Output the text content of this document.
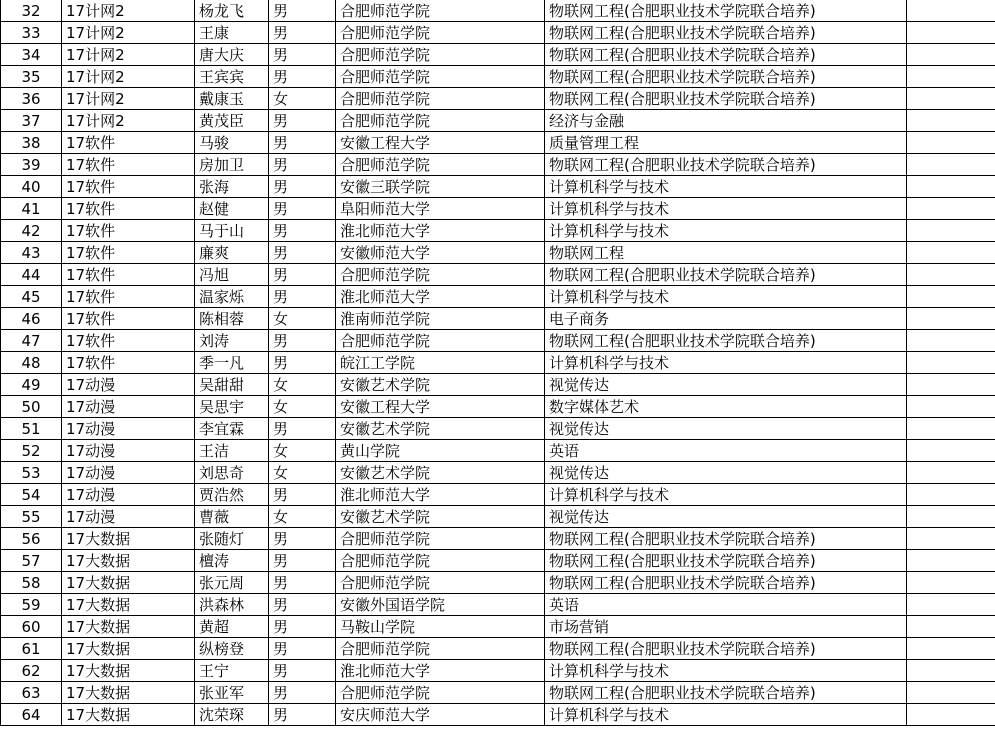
32	17计网2	杨龙飞	男	合肥师范学院	物联网工程(合肥职业技术学院联合培养)	
33	17计网2	王康	男	合肥师范学院	物联网工程(合肥职业技术学院联合培养)	
34	17计网2	唐大庆	男	合肥师范学院	物联网工程(合肥职业技术学院联合培养)	
35	17计网2	王宾宾	男	合肥师范学院	物联网工程(合肥职业技术学院联合培养)	
36	17计网2	戴康玉	女	合肥师范学院	物联网工程(合肥职业技术学院联合培养)	
37	17计网2	黄茂臣	男	合肥师范学院	经济与金融	
38	17软件	马骏	男	安徽工程大学	质量管理工程	
39	17软件	房加卫	男	合肥师范学院	物联网工程(合肥职业技术学院联合培养)	
40	17软件	张海	男	安徽三联学院	计算机科学与技术	
41	17软件	赵健	男	阜阳师范大学	计算机科学与技术	
42	17软件	马于山	男	淮北师范大学	计算机科学与技术	
43	17软件	廉爽	男	安徽师范大学	物联网工程	
44	17软件	冯旭	男	合肥师范学院	物联网工程(合肥职业技术学院联合培养)	
45	17软件	温家烁	男	淮北师范大学	计算机科学与技术	
46	17软件	陈相蓉	女	淮南师范学院	电子商务	
47	17软件	刘涛	男	合肥师范学院	物联网工程(合肥职业技术学院联合培养)	
48	17软件	季一凡	男	皖江工学院	计算机科学与技术	
49	17动漫	吴甜甜	女	安徽艺术学院	视觉传达	
50	17动漫	吴思宇	女	安徽工程大学	数字媒体艺术	
51	17动漫	李宜霖	男	安徽艺术学院	视觉传达	
52	17动漫	王洁	女	黄山学院	英语	
53	17动漫	刘思奇	女	安徽艺术学院	视觉传达	
54	17动漫	贾浩然	男	淮北师范大学	计算机科学与技术	
55	17动漫	曹薇	女	安徽艺术学院	视觉传达	
56	17大数据	张随灯	男	合肥师范学院	物联网工程(合肥职业技术学院联合培养)	
57	17大数据	檀涛	男	合肥师范学院	物联网工程(合肥职业技术学院联合培养)	
58	17大数据	张元周	男	合肥师范学院	物联网工程(合肥职业技术学院联合培养)	
59	17大数据	洪森林	男	安徽外国语学院	英语	
60	17大数据	黄超	男	马鞍山学院	市场营销	
61	17大数据	纵榜登	男	合肥师范学院	物联网工程(合肥职业技术学院联合培养)	
62	17大数据	王宁	男	淮北师范大学	计算机科学与技术	
63	17大数据	张亚军	男	合肥师范学院	物联网工程(合肥职业技术学院联合培养)	
64	17大数据	沈荣琛	男	安庆师范大学	计算机科学与技术	
